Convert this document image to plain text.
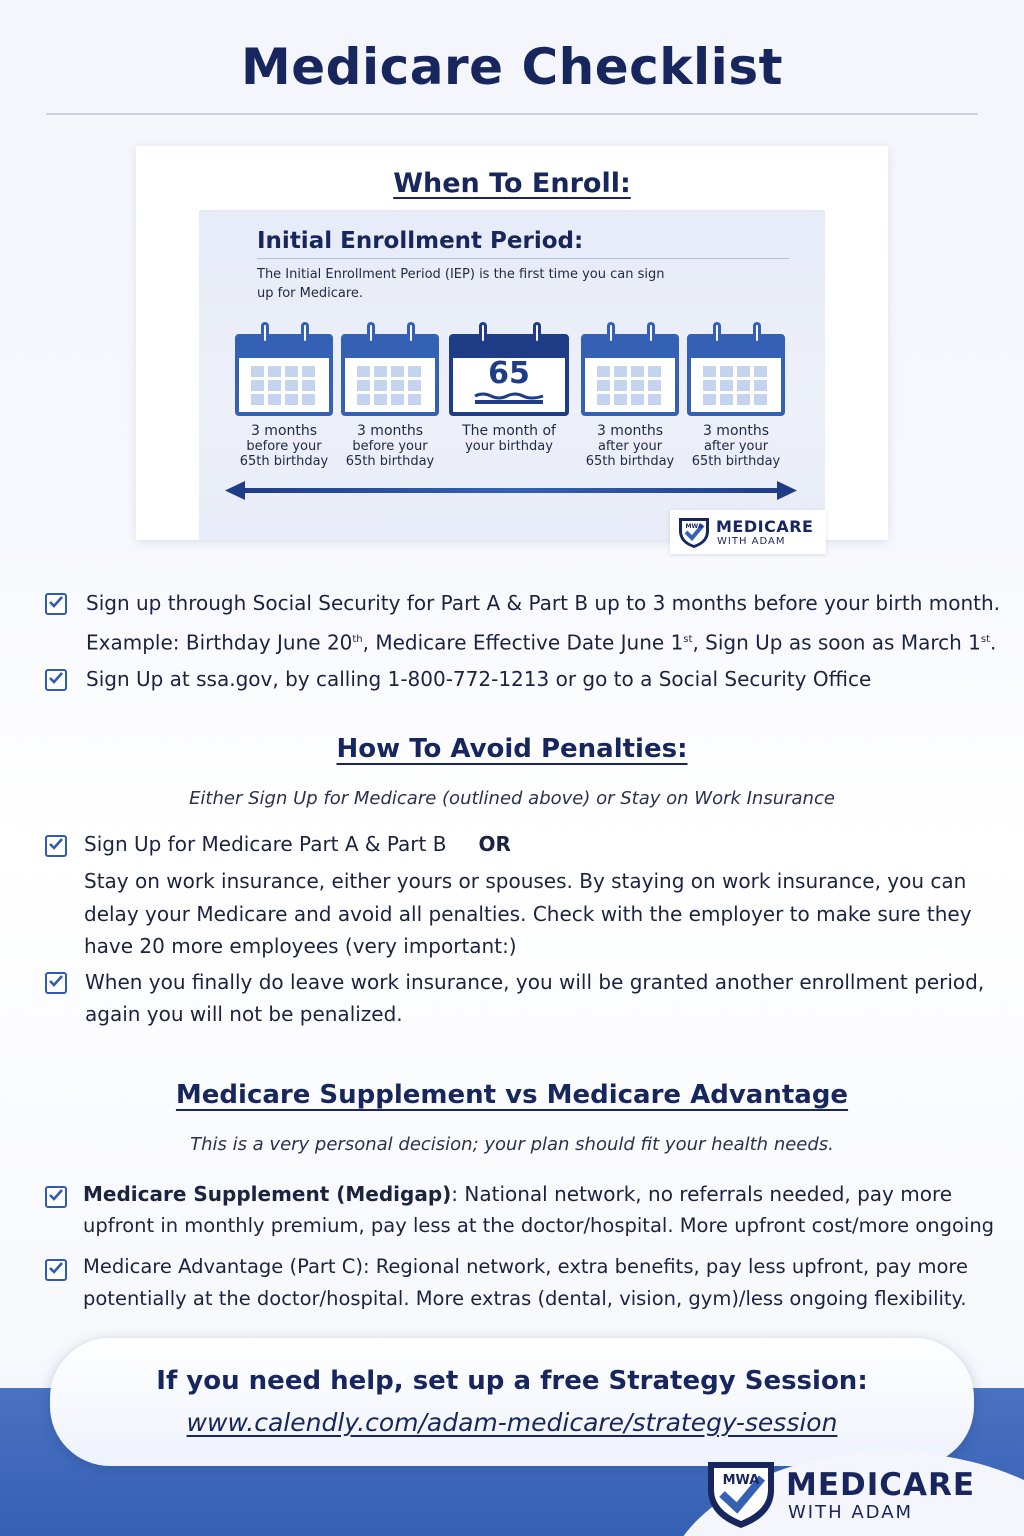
Medicare Checklist
When To Enroll:
Initial Enrollment Period:
The Initial Enrollment Period (IEP) is the first time you can sign up for Medicare.
65
3 months
before your
65th birthday
3 months
before your
65th birthday
The month of
your birthday
3 months
after your
65th birthday
3 months
after your
65th birthday
MWA MEDICARE
WITH ADAM
Sign up through Social Security for Part A & Part B up to 3 months before your birth month.
Example: Birthday June 20th, Medicare Effective Date June 1st, Sign Up as soon as March 1st.
Sign Up at ssa.gov, by calling 1-800-772-1213 or go to a Social Security Office
How To Avoid Penalties:
Either Sign Up for Medicare (outlined above) or Stay on Work Insurance
Sign Up for Medicare Part A & Part B OR
Stay on work insurance, either yours or spouses. By staying on work insurance, you can
delay your Medicare and avoid all penalties. Check with the employer to make sure they
have 20 more employees (very important:)
When you finally do leave work insurance, you will be granted another enrollment period,
again you will not be penalized.
Medicare Supplement vs Medicare Advantage
This is a very personal decision; your plan should fit your health needs.
Medicare Supplement (Medigap): National network, no referrals needed, pay more
upfront in monthly premium, pay less at the doctor/hospital. More upfront cost/more ongoing
Medicare Advantage (Part C): Regional network, extra benefits, pay less upfront, pay more
potentially at the doctor/hospital. More extras (dental, vision, gym)/less ongoing flexibility.
If you need help, set up a free Strategy Session:
www.calendly.com/adam-medicare/strategy-session
MWA MEDICARE
WITH ADAM
